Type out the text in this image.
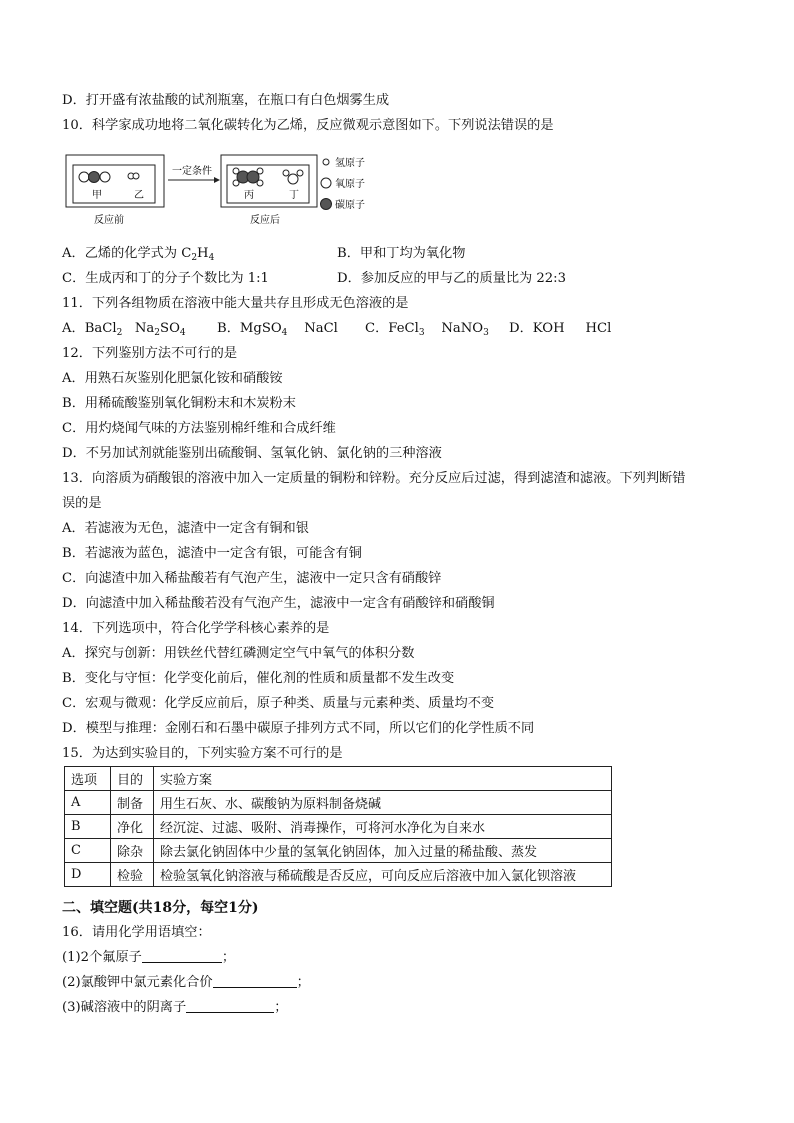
D．打开盛有浓盐酸的试剂瓶塞，在瓶口有白色烟雾生成
10．科学家成功地将二氧化碳转化为乙烯，反应微观示意图如下。下列说法错误的是
甲	乙
反应前
一定条件
丙	丁
反应后
氢原子
氧原子
碳原子
A．乙烯的化学式为 $C_2H_4$	B．甲和丁均为氧化物
C．生成丙和丁的分子个数比为 1:1	D．参加反应的甲与乙的质量比为 22:3
11．下列各组物质在溶液中能大量共存且形成无色溶液的是
A．BaCl$_2$ $Na_2SO_4$ B．MgSO$_4$ NaCl C．FeCl$_3$ NaNO$_3$ D．KOH HCl
12．下列鉴别方法不可行的是
A．用熟石灰鉴别化肥氯化铵和硝酸铵
B．用稀硫酸鉴别氧化铜粉末和木炭粉末
C．用灼烧闻气味的方法鉴别棉纤维和合成纤维
D．不另加试剂就能鉴别出硫酸铜、氢氧化钠、氯化钠的三种溶液
13．向溶质为硝酸银的溶液中加入一定质量的铜粉和锌粉。充分反应后过滤，得到滤渣和滤液。下列判断错
误的是
A．若滤液为无色，滤渣中一定含有铜和银
B．若滤液为蓝色，滤渣中一定含有银，可能含有铜
C．向滤渣中加入稀盐酸若有气泡产生，滤液中一定只含有硝酸锌
D．向滤渣中加入稀盐酸若没有气泡产生，滤液中一定含有硝酸锌和硝酸铜
14．下列选项中，符合化学学科核心素养的是
A．探究与创新：用铁丝代替红磷测定空气中氧气的体积分数
B．变化与守恒：化学变化前后，催化剂的性质和质量都不发生改变
C．宏观与微观：化学反应前后，原子种类、质量与元素种类、质量均不变
D．模型与推理：金刚石和石墨中碳原子排列方式不同，所以它们的化学性质不同
15．为达到实验目的，下列实验方案不可行的是
选项	目的	实验方案
A	制备	用生石灰、水、碳酸钠为原料制备烧碱
B	净化	经沉淀、过滤、吸附、消毒操作，可将河水净化为自来水
C	除杂	除去氯化钠固体中少量的氢氧化钠固体，加入过量的稀盐酸、蒸发
D	检验	检验氢氧化钠溶液与稀硫酸是否反应，可向反应后溶液中加入氯化钡溶液
二、填空题(共18分，每空1分)
16．请用化学用语填空：
(1)2个氟原子	；
(2)氯酸钾中氯元素化合价	；
(3)碱溶液中的阴离子	；
